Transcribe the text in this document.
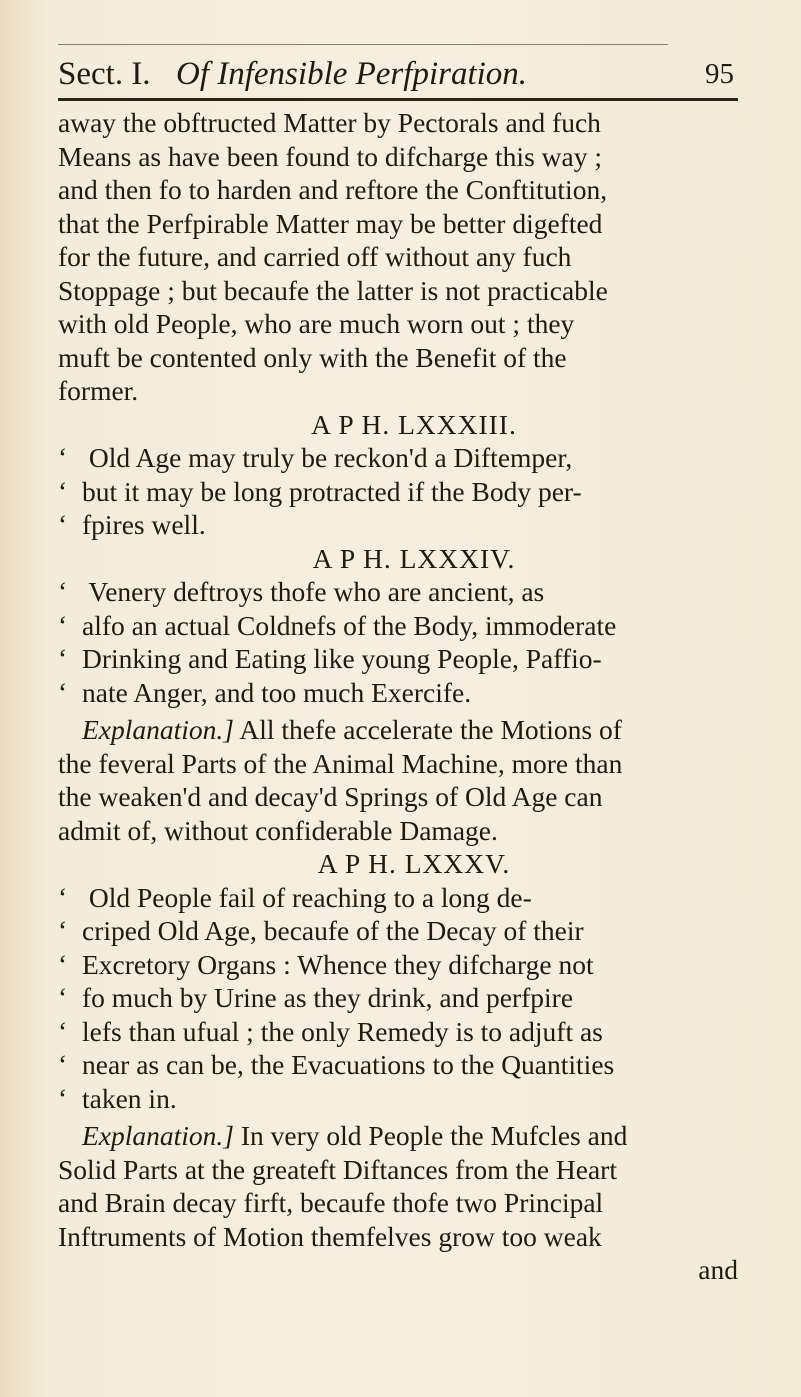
Sect. I. Of Infensible Perfpiration.	95
away the obftructed Matter by Pectorals and fuch
Means as have been found to difcharge this way ;
and then fo to harden and reftore the Conftitution,
that the Perfpirable Matter may be better digefted
for the future, and carried off without any fuch
Stoppage ; but becaufe the latter is not practicable
with old People, who are much worn out ; they
muft be contented only with the Benefit of the
former.
A P H. LXXXIII.
‘ Old Age may truly be reckon'd a Diftemper,
‘ but it may be long protracted if the Body per-
‘ fpires well.
A P H. LXXXIV.
‘ Venery deftroys thofe who are ancient, as
‘ alfo an actual Coldnefs of the Body, immoderate
‘ Drinking and Eating like young People, Paffio-
‘ nate Anger, and too much Exercife.
Explanation.] All thefe accelerate the Motions of
the feveral Parts of the Animal Machine, more than
the weaken'd and decay'd Springs of Old Age can
admit of, without confiderable Damage.
A P H. LXXXV.
‘ Old People fail of reaching to a long de-
‘ criped Old Age, becaufe of the Decay of their
‘ Excretory Organs : Whence they difcharge not
‘ fo much by Urine as they drink, and perfpire
‘ lefs than ufual ; the only Remedy is to adjuft as
‘ near as can be, the Evacuations to the Quantities
‘ taken in.
Explanation.] In very old People the Mufcles and
Solid Parts at the greateft Diftances from the Heart
and Brain decay firft, becaufe thofe two Principal
Inftruments of Motion themfelves grow too weak
and
